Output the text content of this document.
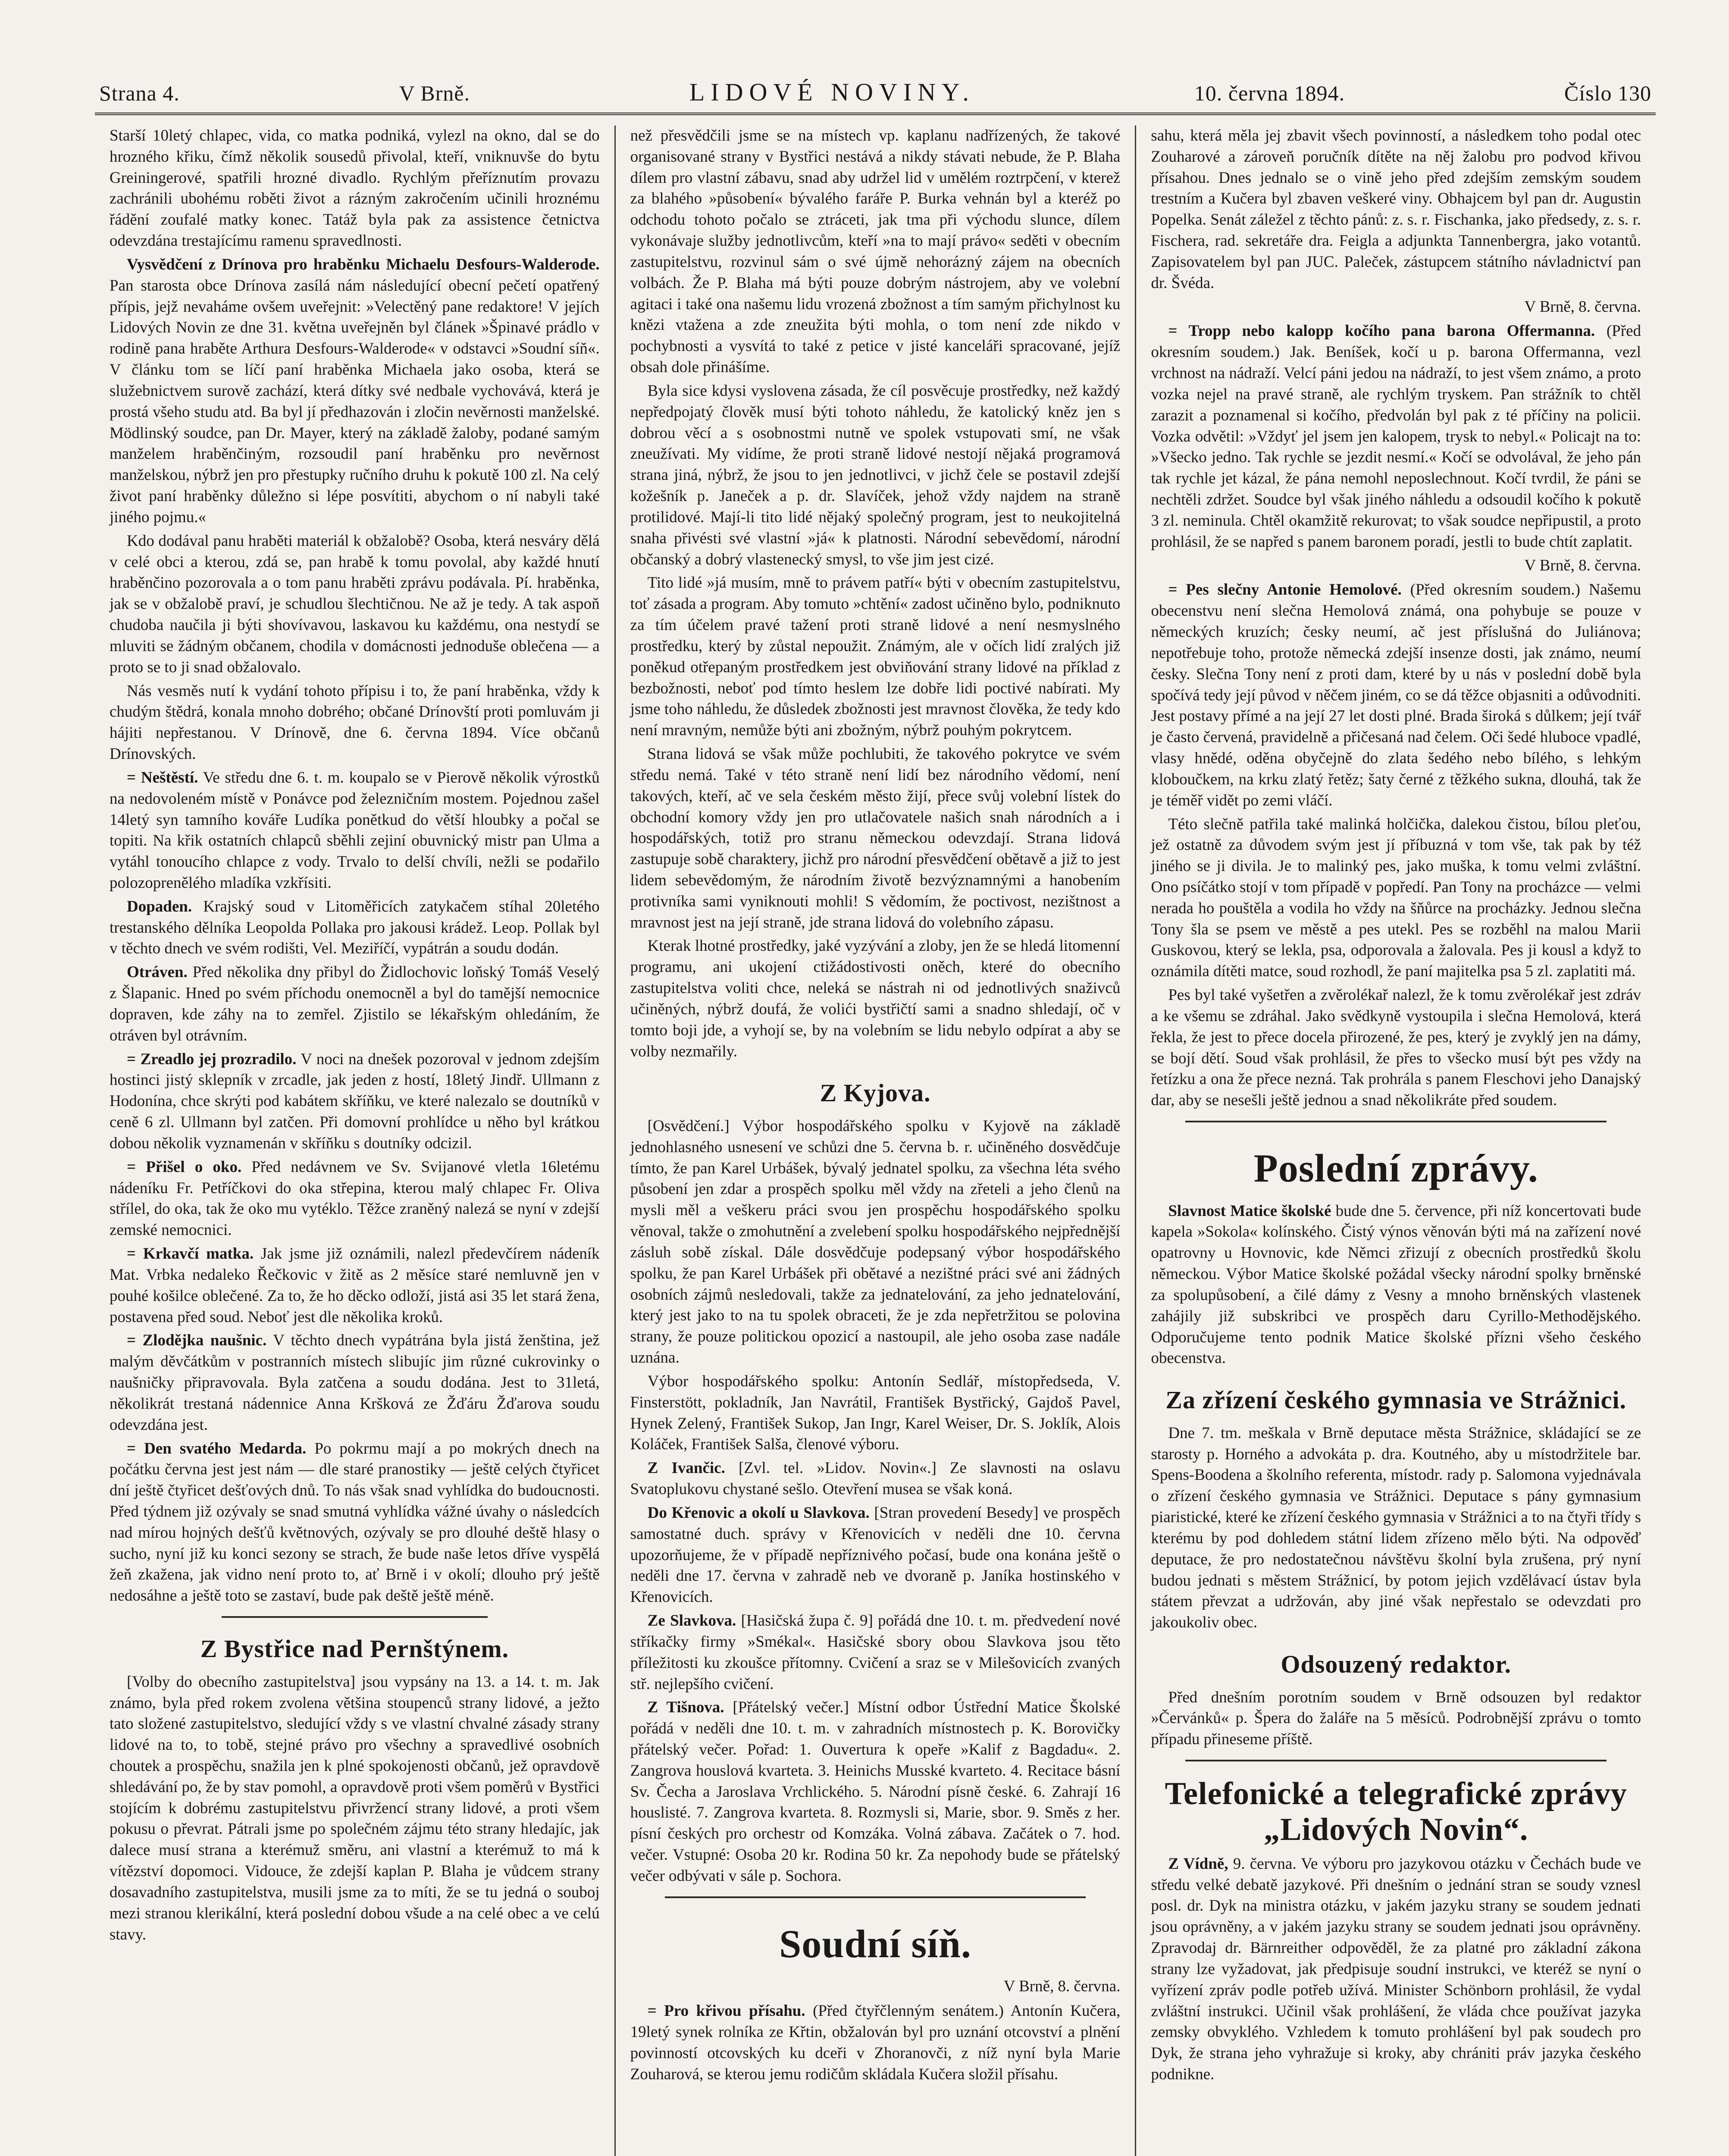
Strana 4.	V Brně.	LIDOVÉ NOVINY.	10. června 1894.	Číslo 130

Starší 10letý chlapec, vida, co matka podniká, vylezl na okno, dal se do hrozného křiku, čímž několik sousedů přivolal, kteří, vniknuvše do bytu Greiningerové, spatřili hrozné divadlo. Rychlým přeříznutím provazu zachránili ubohému roběti život a rázným zakročením učinili hroznému řádění zoufalé matky konec. Tatáž byla pak za assistence četnictva odevzdána trestajícímu ramenu spravedlnosti.

Vysvědčení z Drínova pro hraběnku Michaelu Desfours-Walderode. Pan starosta obce Drínova zasílá nám následující obecní pečetí opatřený přípis, jejž nevaháme ovšem uveřejnit: »Velectěný pane redaktore! V jejích Lidových Novin ze dne 31. května uveřejněn byl článek »Špinavé prádlo v rodině pana hraběte Arthura Desfours-Walderode« v odstavci »Soudní síň«. V článku tom se líčí paní hraběnka Michaela jako osoba, která se služebnictvem surově zachází, která dítky své nedbale vychovává, která je prostá všeho studu atd. Ba byl jí předhazován i zločin nevěrnosti manželské. Mödlinský soudce, pan Dr. Mayer, který na základě žaloby, podané samým manželem hraběnčiným, rozsoudil paní hraběnku pro nevěrnost manželskou, nýbrž jen pro přestupky ručního druhu k pokutě 100 zl. Na celý život paní hraběnky důležno si lépe posvítiti, abychom o ní nabyli také jiného pojmu.«

Kdo dodával panu hraběti materiál k obžalobě? Osoba, která nesváry dělá v celé obci a kterou, zdá se, pan hrabě k tomu povolal, aby každé hnutí hraběnčino pozorovala a o tom panu hraběti zprávu podávala. Pí. hraběnka, jak se v obžalobě praví, je schudlou šlechtičnou. Ne až je tedy. A tak aspoň chudoba naučila ji býti shovívavou, laskavou ku každému, ona nestydí se mluviti se žádným občanem, chodila v domácnosti jednoduše oblečena — a proto se to ji snad obžalovalo.

Nás vesměs nutí k vydání tohoto přípisu i to, že paní hraběnka, vždy k chudým štědrá, konala mnoho dobrého; občané Drínovští proti pomluvám ji hájiti nepřestanou. V Drínově, dne 6. června 1894. Více občanů Drínovských.

= Neštěstí. Ve středu dne 6. t. m. koupalo se v Pierově několik výrostků na nedovoleném místě v Ponávce pod železničním mostem. Pojednou zašel 14letý syn tamního kováře Ludíka ponětkud do větší hloubky a počal se topiti. Na křik ostatních chlapců sběhli zejiní obuvnický mistr pan Ulma a vytáhl tonoucího chlapce z vody. Trvalo to delší chvíli, nežli se podařilo polozoprenělého mladíka vzkřísiti.

Dopaden. Krajský soud v Litoměřicích zatykačem stíhal 20letého trestanského dělníka Leopolda Pollaka pro jakousi krádež. Leop. Pollak byl v těchto dnech ve svém rodišti, Vel. Meziříčí, vypátrán a soudu dodán.

Otráven. Před několika dny přibyl do Židlochovic loňský Tomáš Veselý z Šlapanic. Hned po svém příchodu onemocněl a byl do tamější nemocnice dopraven, kde záhy na to zemřel. Zjistilo se lékařským ohledáním, že otráven byl otrávním.

= Zreadlo jej prozradilo. V noci na dnešek pozoroval v jednom zdejším hostinci jistý sklepník v zrcadle, jak jeden z hostí, 18letý Jindř. Ullmann z Hodonína, chce skrýti pod kabátem skříňku, ve které nalezalo se doutníků v ceně 6 zl. Ullmann byl zatčen. Při domovní prohlídce u něho byl krátkou dobou několik vyznamenán v skříňku s doutníky odcizil.

= Přišel o oko. Před nedávnem ve Sv. Svijanové vletla 16letému nádeníku Fr. Petříčkovi do oka střepina, kterou malý chlapec Fr. Oliva střílel, do oka, tak že oko mu vytéklo. Těžce zraněný nalezá se nyní v zdejší zemské nemocnici.

= Krkavčí matka. Jak jsme již oznámili, nalezl předevčírem nádeník Mat. Vrbka nedaleko Řečkovic v žitě as 2 měsíce staré nemluvně jen v pouhé košilce oblečené. Za to, že ho děcko odloží, jistá asi 35 let stará žena, postavena před soud. Neboť jest dle několika kroků.

= Zlodějka naušnic. V těchto dnech vypátrána byla jistá ženština, jež malým děvčátkům v postranních místech slibujíc jim různé cukrovinky o naušničky připravovala. Byla zatčena a soudu dodána. Jest to 31letá, několikrát trestaná nádennice Anna Kršková ze Žďáru Žďarova soudu odevzdána jest.

= Den svatého Medarda. Po pokrmu mají a po mokrých dnech na počátku června jest jest nám — dle staré pranostiky — ještě celých čtyřicet dní ještě čtyřicet dešťových dnů. To nás však snad vyhlídka do budoucnosti. Před týdnem již ozývaly se snad smutná vyhlídka vážné úvahy o následcích nad mírou hojných dešťů květnových, ozývaly se pro dlouhé deště hlasy o sucho, nyní již ku konci sezony se strach, že bude naše letos dříve vyspělá žeň zkažena, jak vidno není proto to, ať Brně i v okolí; dlouho prý ještě nedosáhne a ještě toto se zastaví, bude pak deště ještě méně.

Z Bystřice nad Pernštýnem.

[Volby do obecního zastupitelstva] jsou vypsány na 13. a 14. t. m. Jak známo, byla před rokem zvolena většina stoupenců strany lidové, a ježto tato složené zastupitelstvo, sledující vždy s ve vlastní chvalné zásady strany lidové na to, to tobě, stejné právo pro všechny a spravedlivé osobních choutek a prospěchu, snažila jen k plné spokojenosti občanů, jež opravdově shledávání po, že by stav pomohl, a opravdově proti všem poměrů v Bystřici stojícím k dobrému zastupitelstvu přivržencí strany lidové, a proti všem pokusu o převrat. Pátrali jsme po společném zájmu této strany hledajíc, jak dalece musí strana a kterémuž směru, ani vlastní a kterémuž to má k vítězství dopomoci. Vidouce, že zdejší kaplan P. Blaha je vůdcem strany dosavadního zastupitelstva, musili jsme za to míti, že se tu jedná o souboj mezi stranou klerikální, která poslední dobou všude a na celé obec a ve celú stavy.

než přesvědčili jsme se na místech vp. kaplanu nadřízených, že takové organisované strany v Bystřici nestává a nikdy stávati nebude, že P. Blaha dílem pro vlastní zábavu, snad aby udržel lid v umělém roztrpčení, v kterež za blahého »působení« bývalého faráře P. Burka vehnán byl a kteréž po odchodu tohoto počalo se ztráceti, jak tma při východu slunce, dílem vykonávaje služby jednotlivcům, kteří »na to mají právo« seděti v obecním zastupitelstvu, rozvinul sám o své újmě nehorázný zájem na obecních volbách. Že P. Blaha má býti pouze dobrým nástrojem, aby ve volební agitaci i také ona našemu lidu vrozená zbožnost a tím samým přichylnost ku knězi vtažena a zde zneužita býti mohla, o tom není zde nikdo v pochybnosti a vysvítá to také z petice v jisté kanceláři spracované, jejíž obsah dole přinášíme.

Byla sice kdysi vyslovena zásada, že cíl posvěcuje prostředky, než každý nepředpojatý člověk musí býti tohoto náhledu, že katolický kněz jen s dobrou věcí a s osobnostmi nutně ve spolek vstupovati smí, ne však zneužívati. My vidíme, že proti straně lidové nestojí nějaká programová strana jiná, nýbrž, že jsou to jen jednotlivci, v jichž čele se postavil zdejší kožešník p. Janeček a p. dr. Slavíček, jehož vždy najdem na straně protilidové. Mají-li tito lidé nějaký společný program, jest to neukojitelná snaha přivésti své vlastní »já« k platnosti. Národní sebevědomí, národní občanský a dobrý vlastenecký smysl, to vše jim jest cizé.

Tito lidé »já musím, mně to právem patří« býti v obecním zastupitelstvu, toť zásada a program. Aby tomuto »chtění« zadost učiněno bylo, podniknuto za tím účelem pravé tažení proti straně lidové a není nesmyslného prostředku, který by zůstal nepoužit. Známým, ale v očích lidí zralých již poněkud otřepaným prostředkem jest obviňování strany lidové na příklad z bezbožnosti, neboť pod tímto heslem lze dobře lidi poctivé nabírati. My jsme toho náhledu, že důsledek zbožnosti jest mravnost člověka, že tedy kdo není mravným, nemůže býti ani zbožným, nýbrž pouhým pokrytcem.

Strana lidová se však může pochlubiti, že takového pokrytce ve svém středu nemá. Také v této straně není lidí bez národního vědomí, není takových, kteří, ač ve sela českém město žijí, přece svůj volební lístek do obchodní komory vždy jen pro utlačovatele našich snah národních a i hospodářských, totiž pro stranu německou odevzdají. Strana lidová zastupuje sobě charaktery, jichž pro národní přesvědčení obětavě a již to jest lidem sebevědomým, že národním životě bezvýznamnými a hanobením protivníka sami vyniknouti mohli! S vědomím, že poctivost, nezištnost a mravnost jest na její straně, jde strana lidová do volebního zápasu.

Kterak lhotné prostředky, jaké vyzývání a zloby, jen že se hledá litomenní programu, ani ukojení ctižádostivosti oněch, které do obecního zastupitelstva voliti chce, neleká se nástrah ni od jednotlivých snaživců učiněných, nýbrž doufá, že volići bystřičtí sami a snadno shledají, oč v tomto boji jde, a vyhojí se, by na volebním se lidu nebylo odpírat a aby se volby nezmařily.

Z Kyjova.

[Osvědčení.] Výbor hospodářského spolku v Kyjově na základě jednohlasného usnesení ve schůzi dne 5. června b. r. učiněného dosvědčuje tímto, že pan Karel Urbášek, bývalý jednatel spolku, za všechna léta svého působení jen zdar a prospěch spolku měl vždy na zřeteli a jeho členů na mysli měl a veškeru práci svou jen prospěchu hospodářského spolku věnoval, takže o zmohutnění a zvelebení spolku hospodářského nejpřednější zásluh sobě získal. Dále dosvědčuje podepsaný výbor hospodářského spolku, že pan Karel Urbášek při obětavé a nezištné práci své ani žádných osobních zájmů nesledovali, takže za jednatelování, za jeho jednatelování, který jest jako to na tu spolek obraceti, že je zda nepřetržitou se polovina strany, že pouze politickou opozicí a nastoupil, ale jeho osoba zase nadále uznána.

Výbor hospodářského spolku: Antonín Sedlář, místopředseda, V. Finsterstött, pokladník, Jan Navrátil, František Bystřický, Gajdoš Pavel, Hynek Zelený, František Sukop, Jan Ingr, Karel Weiser, Dr. S. Joklík, Alois Koláček, František Salša, členové výboru.

Z Ivančic. [Zvl. tel. »Lidov. Novin«.] Ze slavnosti na oslavu Svatoplukovu chystané sešlo. Otevření musea se však koná.

Do Křenovic a okolí u Slavkova. [Stran provedení Besedy] ve prospěch samostatné duch. správy v Křenovicích v neděli dne 10. června upozorňujeme, že v případě nepříznivého počasí, bude ona konána ještě o neděli dne 17. června v zahradě neb ve dvoraně p. Janíka hostinského v Křenovicích.

Ze Slavkova. [Hasičská župa č. 9] pořádá dne 10. t. m. předvedení nové stříkačky firmy »Smékal«. Hasičské sbory obou Slavkova jsou těto příležitosti ku zkoušce přítomny. Cvičení a sraz se v Milešovicích zvaných stř. nejlepšího cvičení.

Z Tišnova. [Přátelský večer.] Místní odbor Ústřední Matice Školské pořádá v neděli dne 10. t. m. v zahradních místnostech p. K. Borovičky přátelský večer. Pořad: 1. Ouvertura k opeře »Kalif z Bagdadu«. 2. Zangrova houslová kvarteta. 3. Heinichs Musské kvarteto. 4. Recitace básní Sv. Čecha a Jaroslava Vrchlického. 5. Národní písně české. 6. Zahrají 16 houslisté. 7. Zangrova kvarteta. 8. Rozmysli si, Marie, sbor. 9. Směs z her. písní českých pro orchestr od Komzáka. Volná zábava. Začátek o 7. hod. večer. Vstupné: Osoba 20 kr. Rodina 50 kr. Za nepohody bude se přátelský večer odbývati v sále p. Sochora.

Soudní síň.
V Brně, 8. června.

= Pro křivou přísahu. (Před čtyřčlenným senátem.) Antonín Kučera, 19letý synek rolníka ze Křtin, obžalován byl pro uznání otcovství a plnění povinností otcovských ku dceři v Zhoranovči, z níž nyní byla Marie Zouharová, se kterou jemu rodičům skládala Kučera složil přísahu.

sahu, která měla jej zbavit všech povinností, a následkem toho podal otec Zouharové a zároveň poručník dítěte na něj žalobu pro podvod křivou přísahou. Dnes jednalo se o vině jeho před zdejším zemským soudem trestním a Kučera byl zbaven veškeré viny. Obhajcem byl pan dr. Augustin Popelka. Senát záležel z těchto pánů: z. s. r. Fischanka, jako předsedy, z. s. r. Fischera, rad. sekretáře dra. Feigla a adjunkta Tannenbergra, jako votantů. Zapisovatelem byl pan JUC. Paleček, zástupcem státního návladnictví pan dr. Švéda.

V Brně, 8. června.

= Tropp nebo kalopp kočího pana barona Offermanna. (Před okresním soudem.) Jak. Beníšek, kočí u p. barona Offermanna, vezl vrchnost na nádraží. Velcí páni jedou na nádraží, to jest všem známo, a proto vozka nejel na pravé straně, ale rychlým tryskem. Pan strážník to chtěl zarazit a poznamenal si kočího, předvolán byl pak z té příčiny na policii. Vozka odvětil: »Vždyť jel jsem jen kalopem, trysk to nebyl.« Policajt na to: »Všecko jedno. Tak rychle se jezdit nesmí.« Kočí se odvolával, že jeho pán tak rychle jet kázal, že pána nemohl neposlechnout. Kočí tvrdil, že páni se nechtěli zdržet. Soudce byl však jiného náhledu a odsoudil kočího k pokutě 3 zl. neminula. Chtěl okamžitě rekurovat; to však soudce nepřipustil, a proto prohlásil, že se napřed s panem baronem poradí, jestli to bude chtít zaplatit.

V Brně, 8. června.

= Pes slečny Antonie Hemolové. (Před okresním soudem.) Našemu obecenstvu není slečna Hemolová známá, ona pohybuje se pouze v německých kruzích; česky neumí, ač jest příslušná do Juliánova; nepotřebuje toho, protože německá zdejší insenze dosti, jak známo, neumí česky. Slečna Tony není z proti dam, které by u nás v poslední době byla spočívá tedy její původ v něčem jiném, co se dá těžce objasniti a odůvodniti. Jest postavy přímé a na její 27 let dosti plné. Brada široká s důlkem; její tvář je často červená, pravidelně a přičesaná nad čelem. Oči šedé hluboce vpadlé, vlasy hnědé, oděna obyčejně do zlata šedého nebo bílého, s lehkým kloboučkem, na krku zlatý řetěz; šaty černé z těžkého sukna, dlouhá, tak že je téměř vidět po zemi vláčí.

Této slečně patřila také malinká holčička, dalekou čistou, bílou pleťou, jež ostatně za důvodem svým jest jí příbuzná v tom vše, tak pak by též jiného se ji divila. Je to malinký pes, jako muška, k tomu velmi zvláštní. Ono psíčátko stojí v tom případě v popředí. Pan Tony na procházce — velmi nerada ho pouštěla a vodila ho vždy na šňůrce na procházky. Jednou slečna Tony šla se psem ve městě a pes utekl. Pes se rozběhl na malou Marii Guskovou, který se lekla, psa, odporovala a žalovala. Pes ji kousl a když to oznámila dítěti matce, soud rozhodl, že paní majitelka psa 5 zl. zaplatiti má.

Pes byl také vyšetřen a zvěrolékař nalezl, že k tomu zvěrolékař jest zdráv a ke všemu se zdráhal. Jako svědkyně vystoupila i slečna Hemolová, která řekla, že jest to přece docela přirozené, že pes, který je zvyklý jen na dámy, se bojí dětí. Soud však prohlásil, že přes to všecko musí být pes vždy na řetízku a ona že přece nezná. Tak prohrála s panem Fleschovi jeho Danajský dar, aby se nesešli ještě jednou a snad několikráte před soudem.

Poslední zprávy.

Slavnost Matice školské bude dne 5. července, při níž koncertovati bude kapela »Sokola« kolínského. Čistý výnos věnován býti má na zařízení nové opatrovny u Hovnovic, kde Němci zřizují z obecních prostředků školu německou. Výbor Matice školské požádal všecky národní spolky brněnské za spolupůsobení, a čilé dámy z Vesny a mnoho brněnských vlastenek zahájily již subskribci ve prospěch daru Cyrillo-Methodějského. Odporučujeme tento podnik Matice školské přízni všeho českého obecenstva.

Za zřízení českého gymnasia ve Strážnici.

Dne 7. tm. meškala v Brně deputace města Strážnice, skládající se ze starosty p. Horného a advokáta p. dra. Koutného, aby u místodržitele bar. Spens-Boodena a školního referenta, místodr. rady p. Salomona vyjednávala o zřízení českého gymnasia ve Strážnici. Deputace s pány gymnasium piaristické, které ke zřízení českého gymnasia v Strážnici a to na čtyři třídy s kterému by pod dohledem státní lidem zřízeno mělo býti. Na odpověď deputace, že pro nedostatečnou návštěvu školní byla zrušena, prý nyní budou jednati s městem Strážnicí, by potom jejich vzdělávací ústav byla státem převzat a udržován, aby jiné však nepřestalo se odevzdati pro jakoukoliv obec.

Odsouzený redaktor.

Před dnešním porotním soudem v Brně odsouzen byl redaktor »Červánků« p. Špera do žaláře na 5 měsíců. Podrobnější zprávu o tomto případu přineseme příště.

Telefonické a telegrafické zprávy „Lidových Novin“.

Z Vídně, 9. června. Ve výboru pro jazykovou otázku v Čechách bude ve středu velké debatě jazykové. Při dnešním o jednání stran se soudy vznesl posl. dr. Dyk na ministra otázku, v jakém jazyku strany se soudem jednati jsou oprávněny, a v jakém jazyku strany se soudem jednati jsou oprávněny. Zpravodaj dr. Bärnreither odpověděl, že za platné pro základní zákona strany lze vyžadovat, jak předpisuje soudní instrukci, ve kteréž se nyní o vyřízení zpráv podle potřeb užívá. Minister Schönborn prohlásil, že vydal zvláštní instrukci. Učinil však prohlášení, že vláda chce používat jazyka zemsky obvyklého. Vzhledem k tomuto prohlášení byl pak soudech pro Dyk, že strana jeho vyhražuje si kroky, aby chrániti práv jazyka českého podnikne.
